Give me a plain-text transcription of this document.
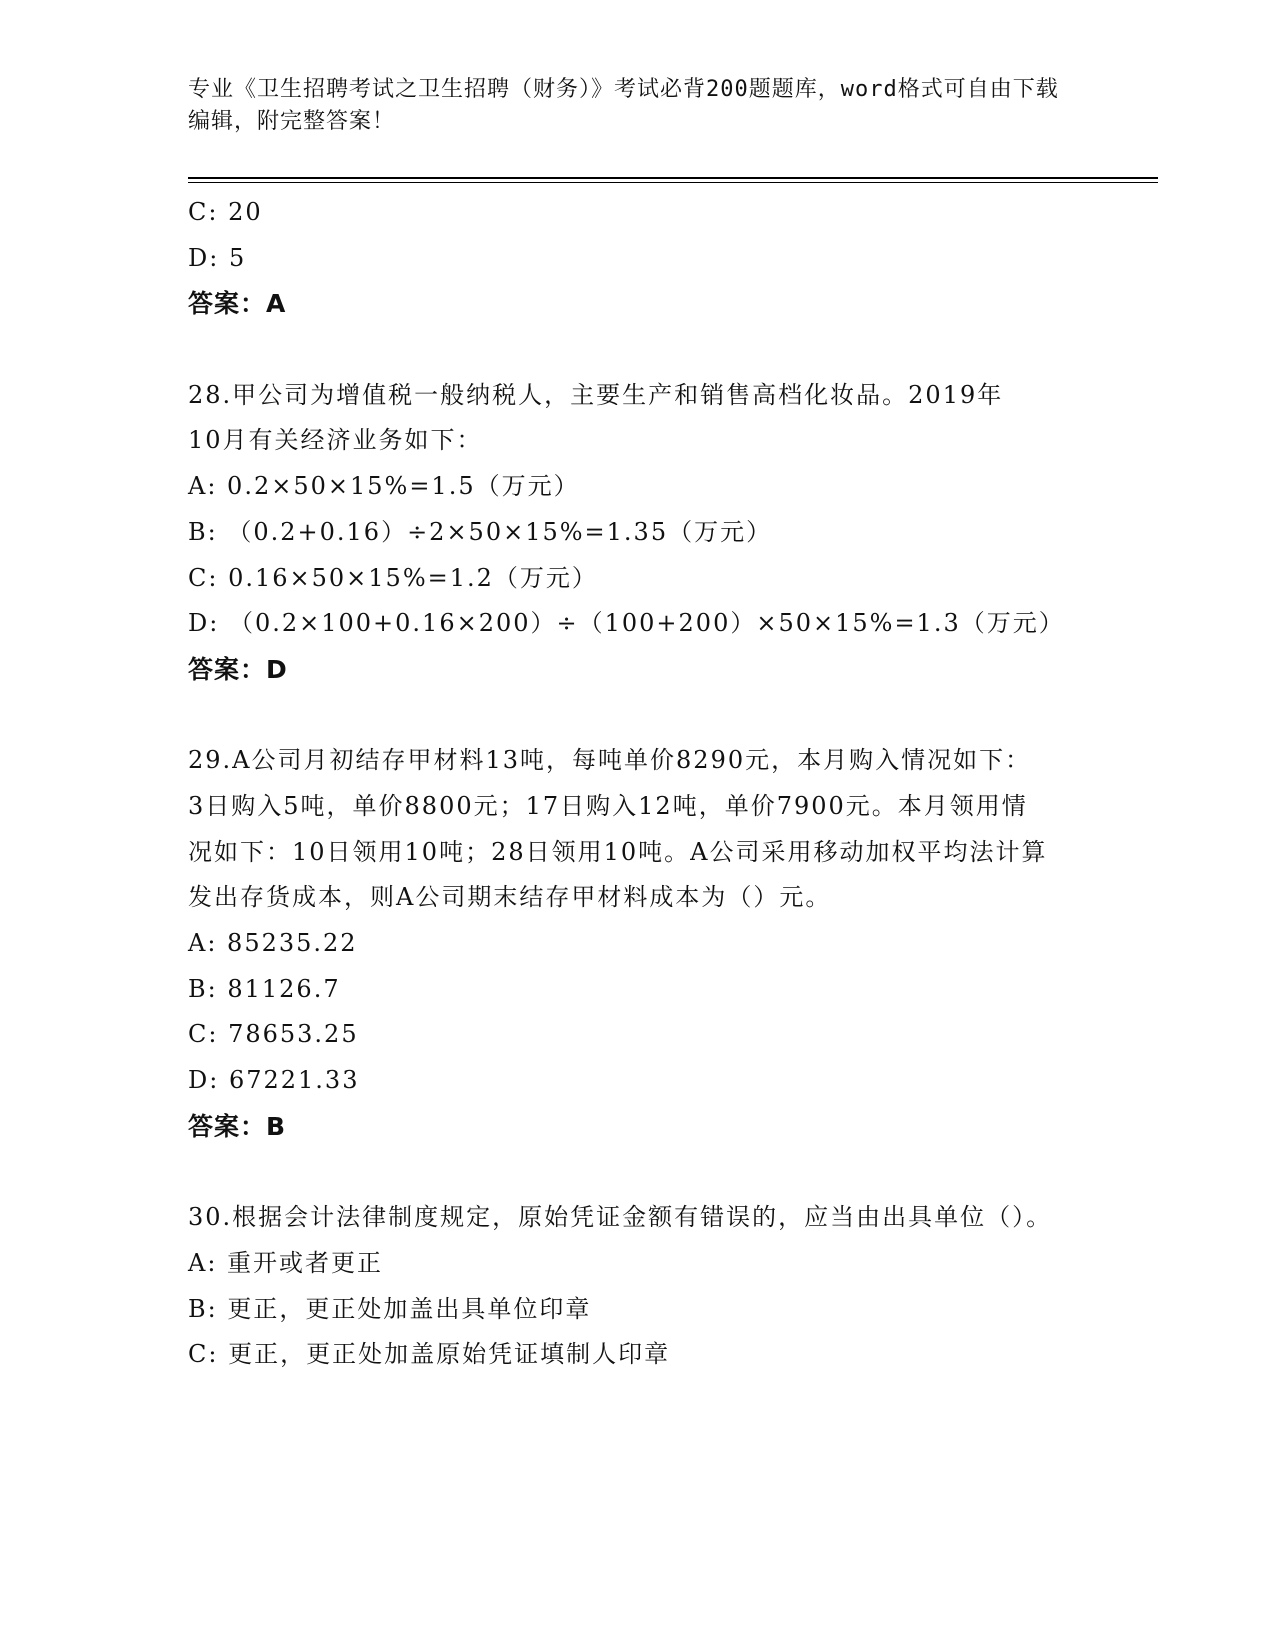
专业《卫生招聘考试之卫生招聘（财务）》考试必背200题题库，word格式可自由下载编辑，附完整答案！
C: 20
D: 5
答案：A
28.甲公司为增值税一般纳税人，主要生产和销售高档化妆品。2019年10月有关经济业务如下：
A: 0.2×50×15%=1.5（万元）
B: （0.2+0.16）÷2×50×15%=1.35（万元）
C: 0.16×50×15%=1.2（万元）
D: （0.2×100+0.16×200）÷（100+200）×50×15%=1.3（万元）
答案：D
29.A公司月初结存甲材料13吨，每吨单价8290元，本月购入情况如下：3日购入5吨，单价8800元；17日购入12吨，单价7900元。本月领用情况如下：10日领用10吨；28日领用10吨。A公司采用移动加权平均法计算发出存货成本，则A公司期末结存甲材料成本为（）元。
A: 85235.22
B: 81126.7
C: 78653.25
D: 67221.33
答案：B
30.根据会计法律制度规定，原始凭证金额有错误的，应当由出具单位（）。
A: 重开或者更正
B: 更正，更正处加盖出具单位印章
C: 更正，更正处加盖原始凭证填制人印章
